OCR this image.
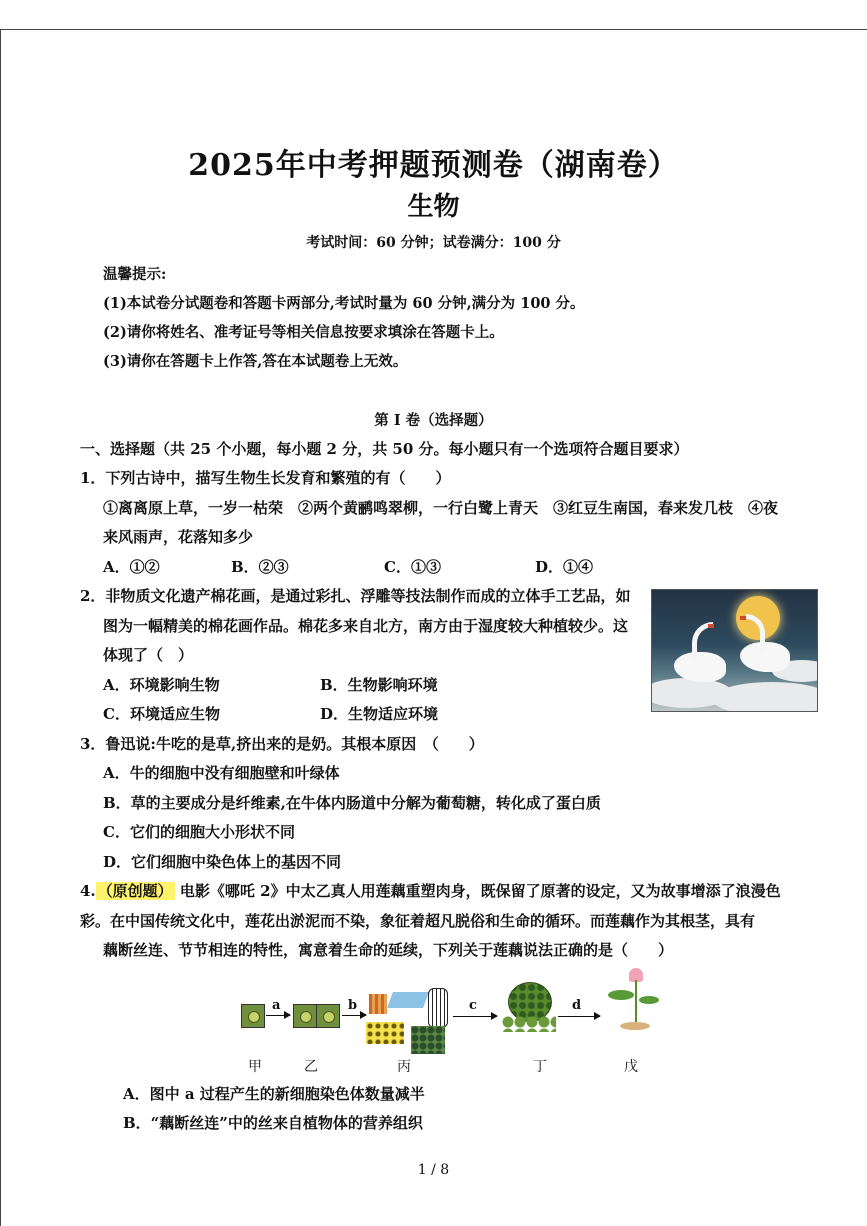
2025年中考押题预测卷（湖南卷）
生物
考试时间：60 分钟；试卷满分：100 分
温馨提示:
(1)本试卷分试题卷和答题卡两部分,考试时量为 60 分钟,满分为 100 分。
(2)请你将姓名、准考证号等相关信息按要求填涂在答题卡上。
(3)请你在答题卡上作答,答在本试题卷上无效。
第 I 卷（选择题）
一、选择题（共 25 个小题，每小题 2 分，共 50 分。每小题只有一个选项符合题目要求）
1．下列古诗中，描写生物生长发育和繁殖的有（　　）
①离离原上草，一岁一枯荣　②两个黄鹂鸣翠柳，一行白鹭上青天　③红豆生南国，春来发几枝　④夜
来风雨声，花落知多少
A．①②	B．②③	C．①③	D．①④
2．非物质文化遗产棉花画，是通过彩扎、浮雕等技法制作而成的立体手工艺品，如
图为一幅精美的棉花画作品。棉花多来自北方，南方由于湿度较大种植较少。这
体现了（　）
A．环境影响生物	B．生物影响环境
C．环境适应生物	D．生物适应环境
3．鲁迅说:牛吃的是草,挤出来的是奶。其根本原因　（　　）
A．牛的细胞中没有细胞壁和叶绿体
B．草的主要成分是纤维素,在牛体内肠道中分解为葡萄糖，转化成了蛋白质
C．它们的细胞大小形状不同
D．它们细胞中染色体上的基因不同
4. （原创题） 电影《哪吒 2》中太乙真人用莲藕重塑肉身，既保留了原著的设定，又为故事增添了浪漫色
彩。在中国传统文化中，莲花出淤泥而不染，象征着超凡脱俗和生命的循环。而莲藕作为其根茎，具有
藕断丝连、节节相连的特性，寓意着生命的延续，下列关于莲藕说法正确的是（　　）
a	b	c	d
甲	乙	丙	丁	戊
A．图中 a 过程产生的新细胞染色体数量减半
B．“藕断丝连”中的丝来自植物体的营养组织
1 / 8
